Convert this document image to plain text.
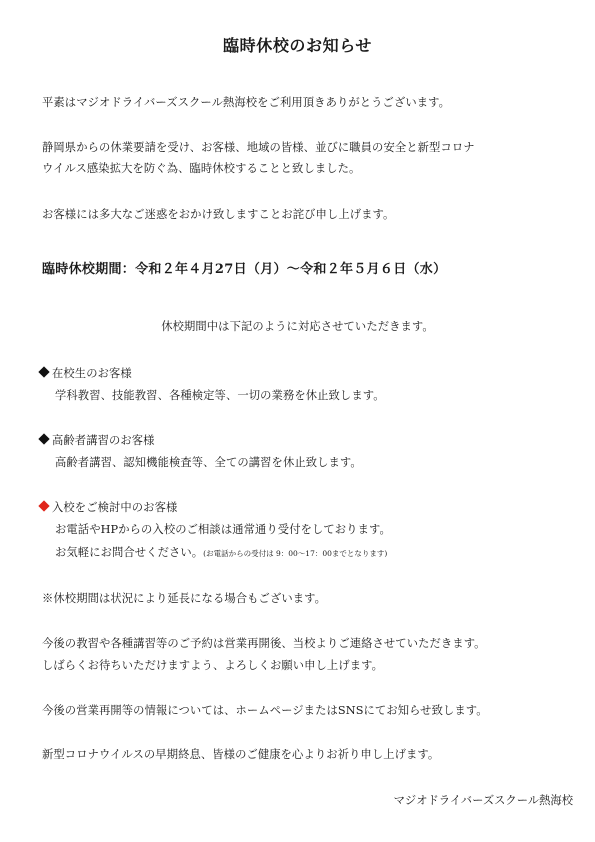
臨時休校のお知らせ
平素はマジオドライバーズスクール熱海校をご利用頂きありがとうございます。
静岡県からの休業要請を受け、お客様、地域の皆様、並びに職員の安全と新型コロナ
ウイルス感染拡大を防ぐ為、臨時休校することと致しました。
お客様には多大なご迷惑をおかけ致しますことお詫び申し上げます。
臨時休校期間：令和２年４月27日（月）〜令和２年５月６日（水）
休校期間中は下記のように対応させていただきます。
在校生のお客様
学科教習、技能教習、各種検定等、一切の業務を休止致します。
高齢者講習のお客様
高齢者講習、認知機能検査等、全ての講習を休止致します。
入校をご検討中のお客様
お電話やHPからの入校のご相談は通常通り受付をしております。
お気軽にお問合せください。(お電話からの受付は 9：00〜17：00までとなります)
※休校期間は状況により延長になる場合もございます。
今後の教習や各種講習等のご予約は営業再開後、当校よりご連絡させていただきます。
しばらくお待ちいただけますよう、よろしくお願い申し上げます。
今後の営業再開等の情報については、ホームページまたはSNSにてお知らせ致します。
新型コロナウイルスの早期終息、皆様のご健康を心よりお祈り申し上げます。
マジオドライバーズスクール熱海校
